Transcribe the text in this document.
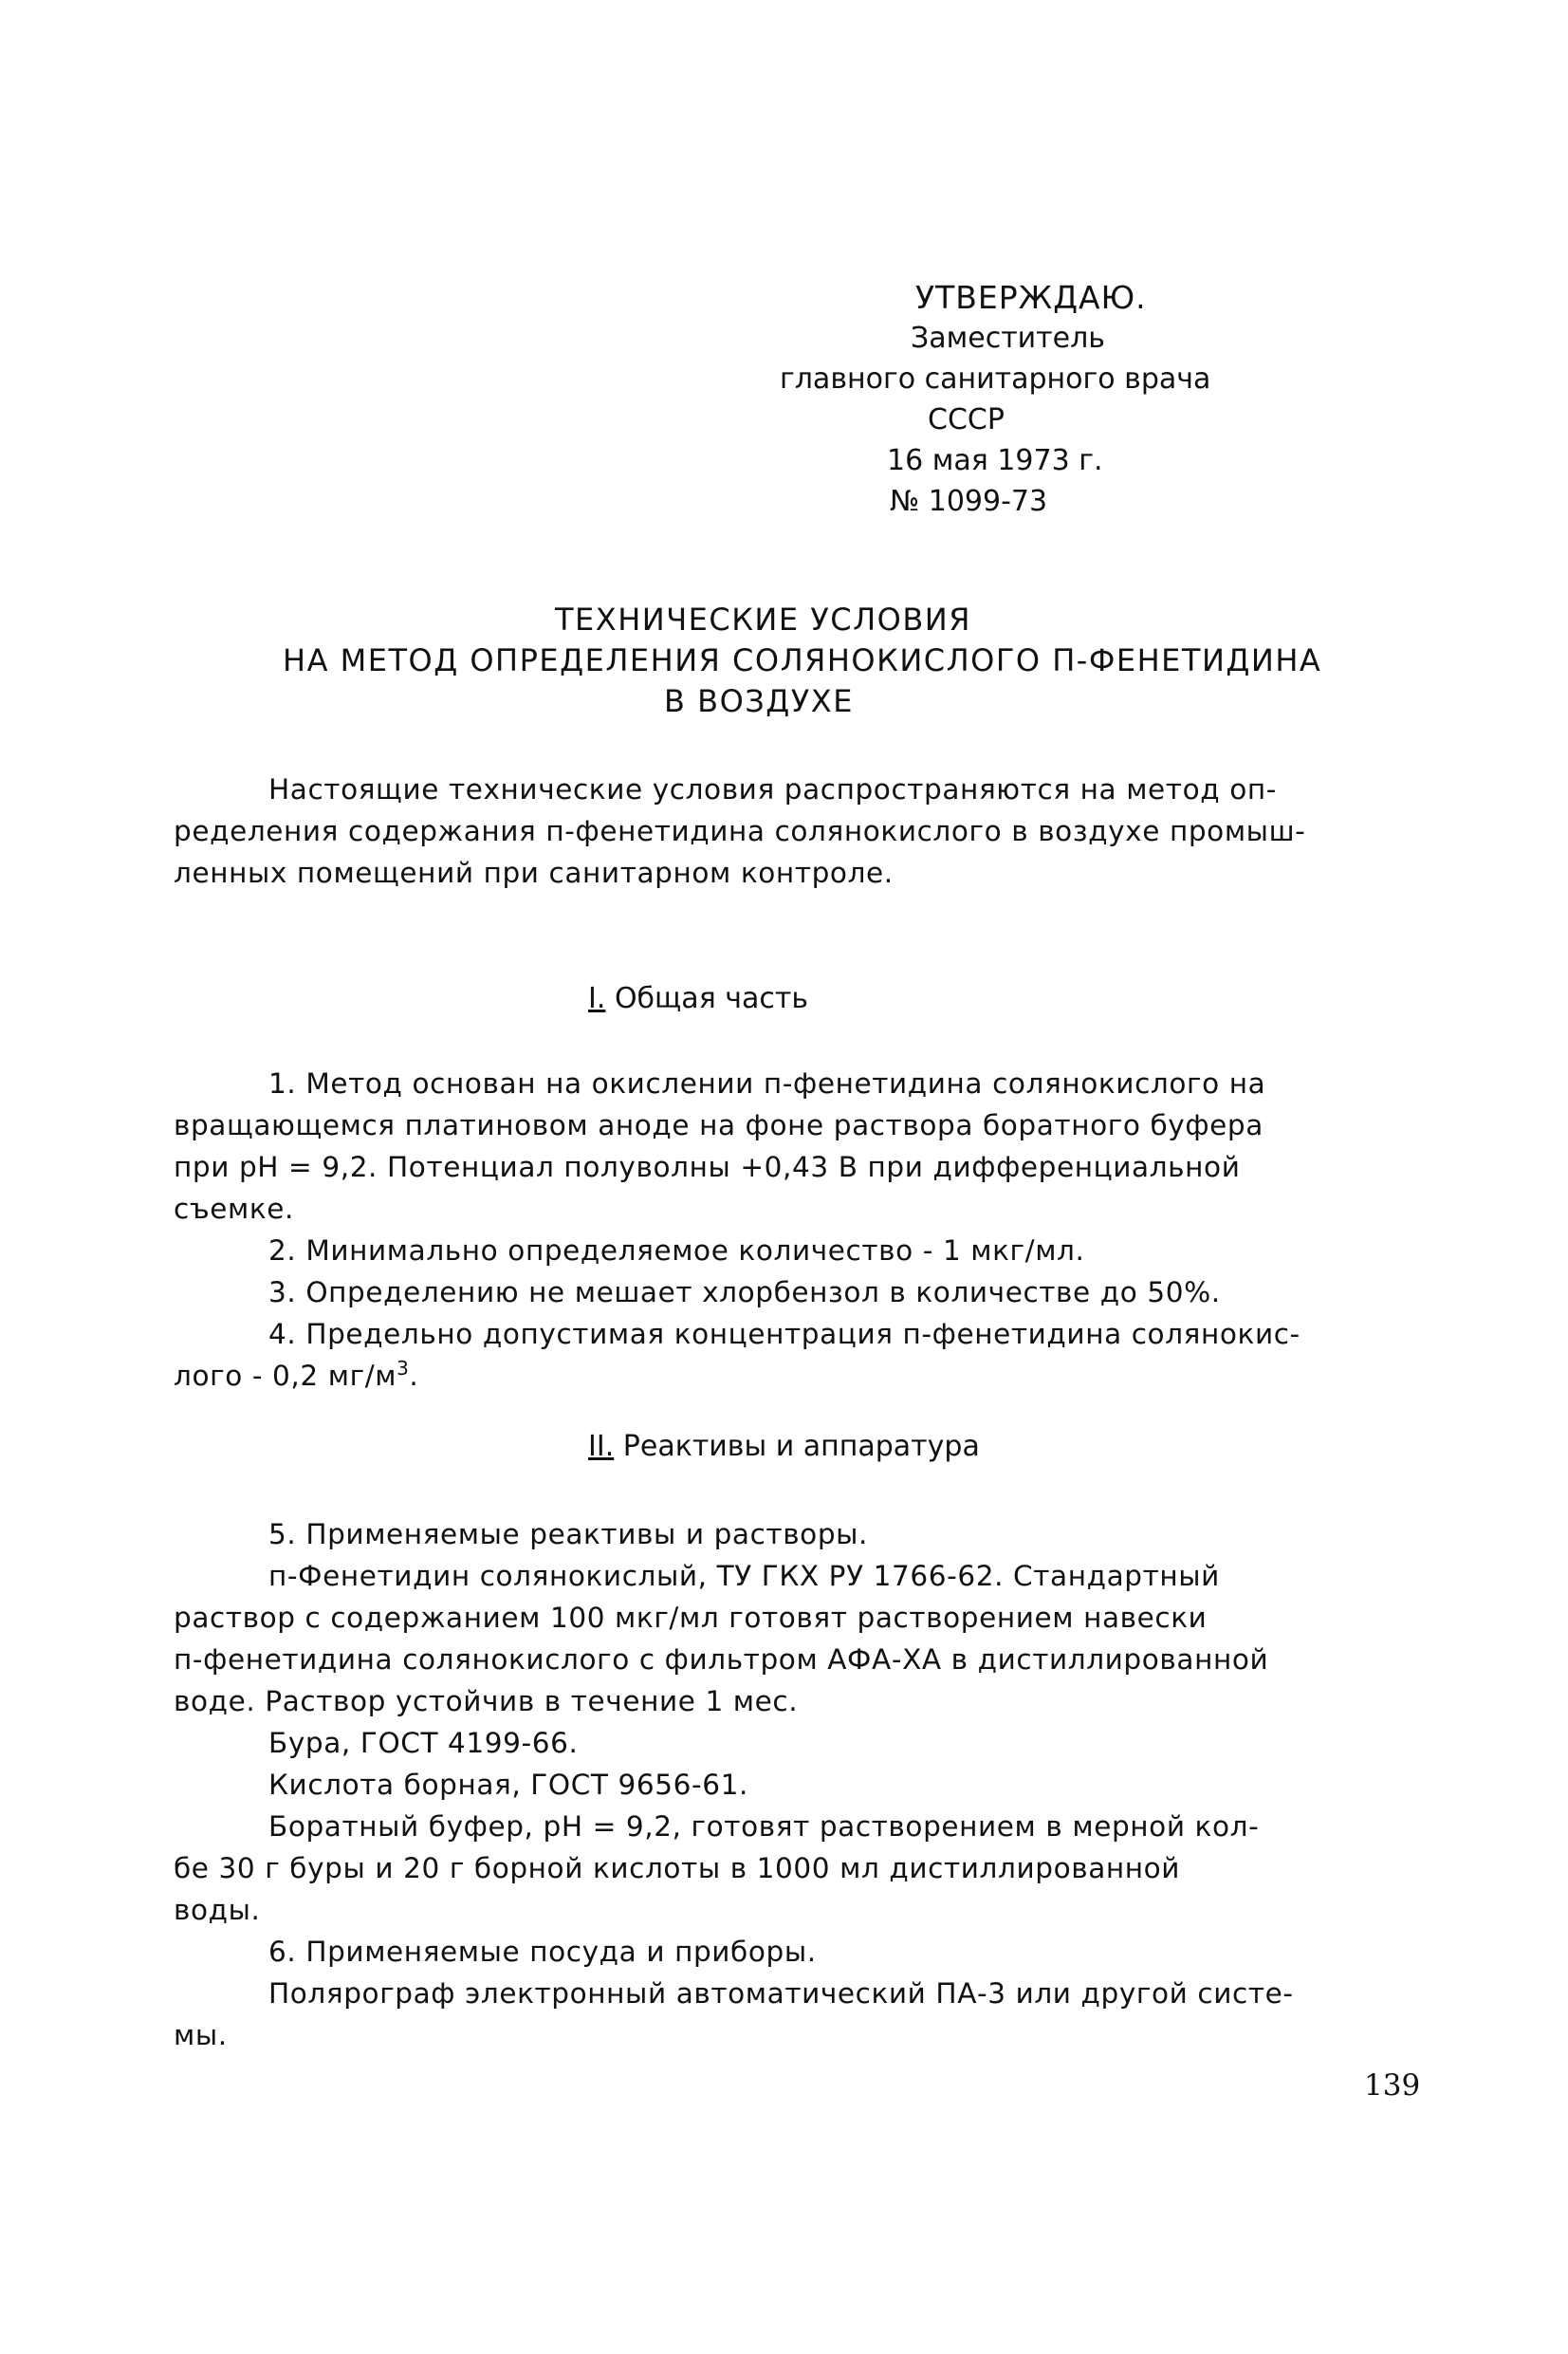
УТВЕРЖДАЮ.
Заместитель
главного санитарного врача
СССР
16 мая 1973 г.
№ 1099-73
ТЕХНИЧЕСКИЕ УСЛОВИЯ
НА МЕТОД ОПРЕДЕЛЕНИЯ СОЛЯНОКИСЛОГО П-ФЕНЕТИДИНА
В ВОЗДУХЕ
Настоящие технические условия распространяются на метод оп-
ределения содержания п-фенетидина солянокислого в воздухе промыш-
ленных помещений при санитарном контроле.
I. Общая часть
1. Метод основан на окислении п-фенетидина солянокислого на
вращающемся платиновом аноде на фоне раствора боратного буфера
при pH = 9,2. Потенциал полуволны +0,43 В при дифференциальной
съемке.
2. Минимально определяемое количество - 1 мкг/мл.
3. Определению не мешает хлорбензол в количестве до 50%.
4. Предельно допустимая концентрация п-фенетидина солянокис-
лого - 0,2 $мг/м^3$.
II. Реактивы и аппаратура
5. Применяемые реактивы и растворы.
п-Фенетидин солянокислый, ТУ ГКХ РУ 1766-62. Стандартный
раствор с содержанием 100 мкг/мл готовят растворением навески
п-фенетидина солянокислого с фильтром АФА-ХА в дистиллированной
воде. Раствор устойчив в течение 1 мес.
Бура, ГОСТ 4199-66.
Кислота борная, ГОСТ 9656-61.
Боратный буфер, pH = 9,2, готовят растворением в мерной кол-
бе 30 г буры и 20 г борной кислоты в 1000 мл дистиллированной
воды.
6. Применяемые посуда и приборы.
Полярограф электронный автоматический ПА-3 или другой систе-
мы.
139
